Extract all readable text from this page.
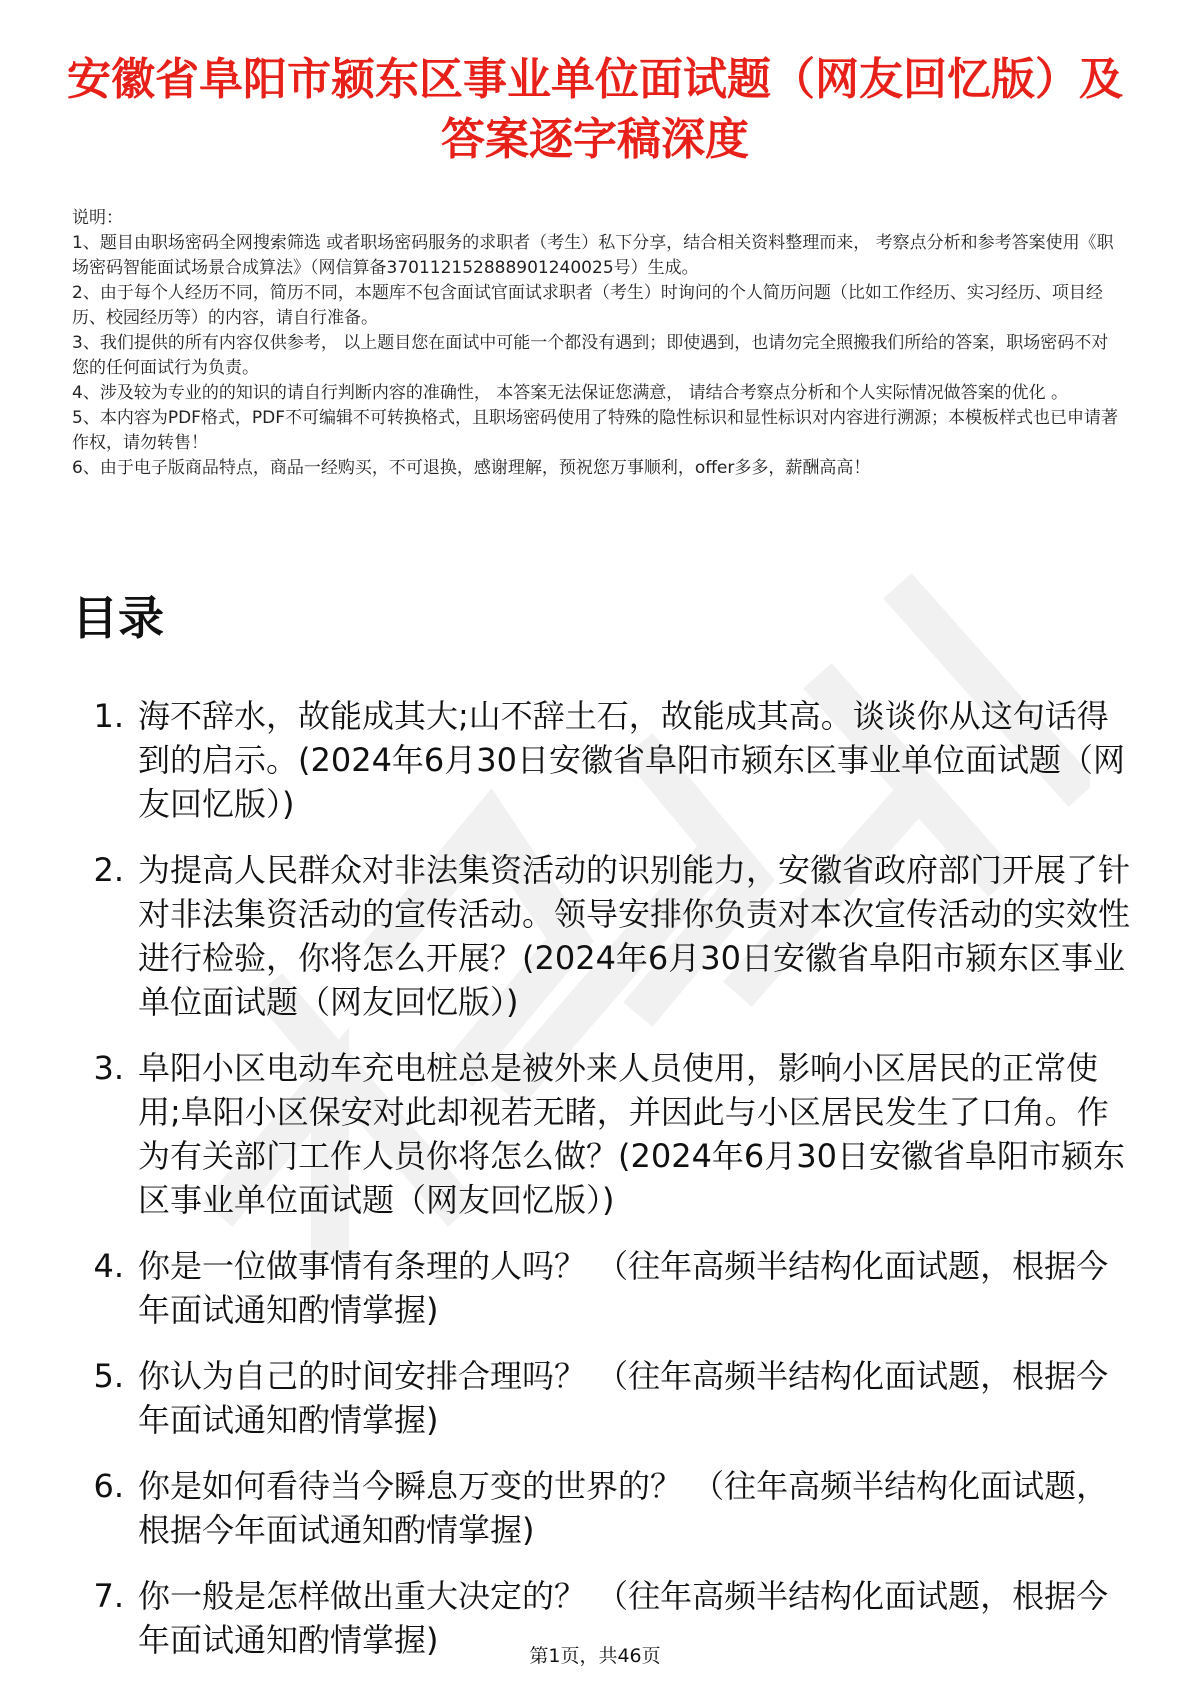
安徽省阜阳市颍东区事业单位面试题（网友回忆版）及答案逐字稿深度
说明：
1、题目由职场密码全网搜索筛选 或者职场密码服务的求职者（考生）私下分享，结合相关资料整理而来， 考察点分析和参考答案使用《职场密码智能面试场景合成算法》（网信算备370112152888901240025号）生成。
2、由于每个人经历不同，简历不同，本题库不包含面试官面试求职者（考生）时询问的个人简历问题（比如工作经历、实习经历、项目经历、校园经历等）的内容，请自行准备。
3、我们提供的所有内容仅供参考， 以上题目您在面试中可能一个都没有遇到；即使遇到，也请勿完全照搬我们所给的答案，职场密码不对您的任何面试行为负责。
4、涉及较为专业的的知识的请自行判断内容的准确性， 本答案无法保证您满意， 请结合考察点分析和个人实际情况做答案的优化 。
5、本内容为PDF格式，PDF不可编辑不可转换格式，且职场密码使用了特殊的隐性标识和显性标识对内容进行溯源；本模板样式也已申请著作权，请勿转售！
6、由于电子版商品特点，商品一经购买，不可退换，感谢理解，预祝您万事顺利，offer多多，薪酬高高！
目录
1. 海不辞水，故能成其大;山不辞土石，故能成其高。谈谈你从这句话得到的启示。(2024年6月30日安徽省阜阳市颍东区事业单位面试题（网友回忆版）)
2. 为提高人民群众对非法集资活动的识别能力，安徽省政府部门开展了针对非法集资活动的宣传活动。领导安排你负责对本次宣传活动的实效性进行检验，你将怎么开展？(2024年6月30日安徽省阜阳市颍东区事业单位面试题（网友回忆版）)
3. 阜阳小区电动车充电桩总是被外来人员使用，影响小区居民的正常使用;阜阳小区保安对此却视若无睹，并因此与小区居民发生了口角。作为有关部门工作人员你将怎么做？(2024年6月30日安徽省阜阳市颍东区事业单位面试题（网友回忆版）)
4. 你是一位做事情有条理的人吗？ （往年高频半结构化面试题，根据今年面试通知酌情掌握)
5. 你认为自己的时间安排合理吗？ （往年高频半结构化面试题，根据今年面试通知酌情掌握)
6. 你是如何看待当今瞬息万变的世界的？ （往年高频半结构化面试题，根据今年面试通知酌情掌握)
7. 你一般是怎样做出重大决定的？ （往年高频半结构化面试题，根据今年面试通知酌情掌握)	第1页，共46页
